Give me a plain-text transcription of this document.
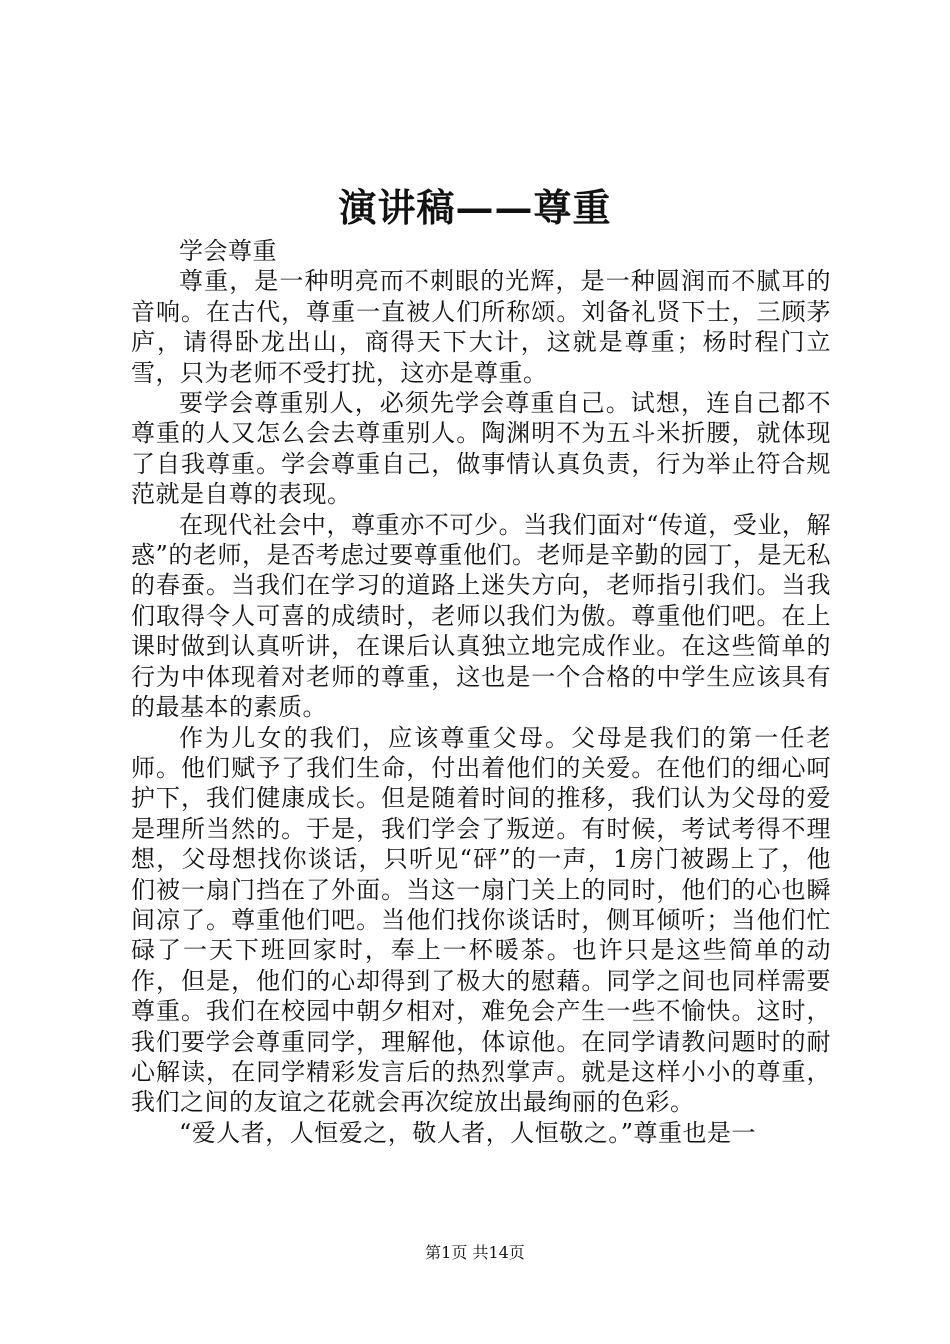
演讲稿——尊重

学会尊重

尊重，是一种明亮而不刺眼的光辉，是一种圆润而不腻耳的音响。在古代，尊重一直被人们所称颂。刘备礼贤下士，三顾茅庐，请得卧龙出山，商得天下大计，这就是尊重；杨时程门立雪，只为老师不受打扰，这亦是尊重。

要学会尊重别人，必须先学会尊重自己。试想，连自己都不尊重的人又怎么会去尊重别人。陶渊明不为五斗米折腰，就体现了自我尊重。学会尊重自己，做事情认真负责，行为举止符合规范就是自尊的表现。

在现代社会中，尊重亦不可少。当我们面对“传道，受业，解惑”的老师，是否考虑过要尊重他们。老师是辛勤的园丁，是无私的春蚕。当我们在学习的道路上迷失方向，老师指引我们。当我们取得令人可喜的成绩时，老师以我们为傲。尊重他们吧。在上课时做到认真听讲，在课后认真独立地完成作业。在这些简单的行为中体现着对老师的尊重，这也是一个合格的中学生应该具有的最基本的素质。

作为儿女的我们，应该尊重父母。父母是我们的第一任老师。他们赋予了我们生命，付出着他们的关爱。在他们的细心呵护下，我们健康成长。但是随着时间的推移，我们认为父母的爱是理所当然的。于是，我们学会了叛逆。有时候，考试考得不理想，父母想找你谈话，只听见“砰”的一声，1房门被踢上了，他们被一扇门挡在了外面。当这一扇门关上的同时，他们的心也瞬间凉了。尊重他们吧。当他们找你谈话时，侧耳倾听；当他们忙碌了一天下班回家时，奉上一杯暖茶。也许只是这些简单的动作，但是，他们的心却得到了极大的慰藉。同学之间也同样需要尊重。我们在校园中朝夕相对，难免会产生一些不愉快。这时，我们要学会尊重同学，理解他，体谅他。在同学请教问题时的耐心解读，在同学精彩发言后的热烈掌声。就是这样小小的尊重，我们之间的友谊之花就会再次绽放出最绚丽的色彩。

“爱人者，人恒爱之，敬人者，人恒敬之。”尊重也是一

第1页 共14页
